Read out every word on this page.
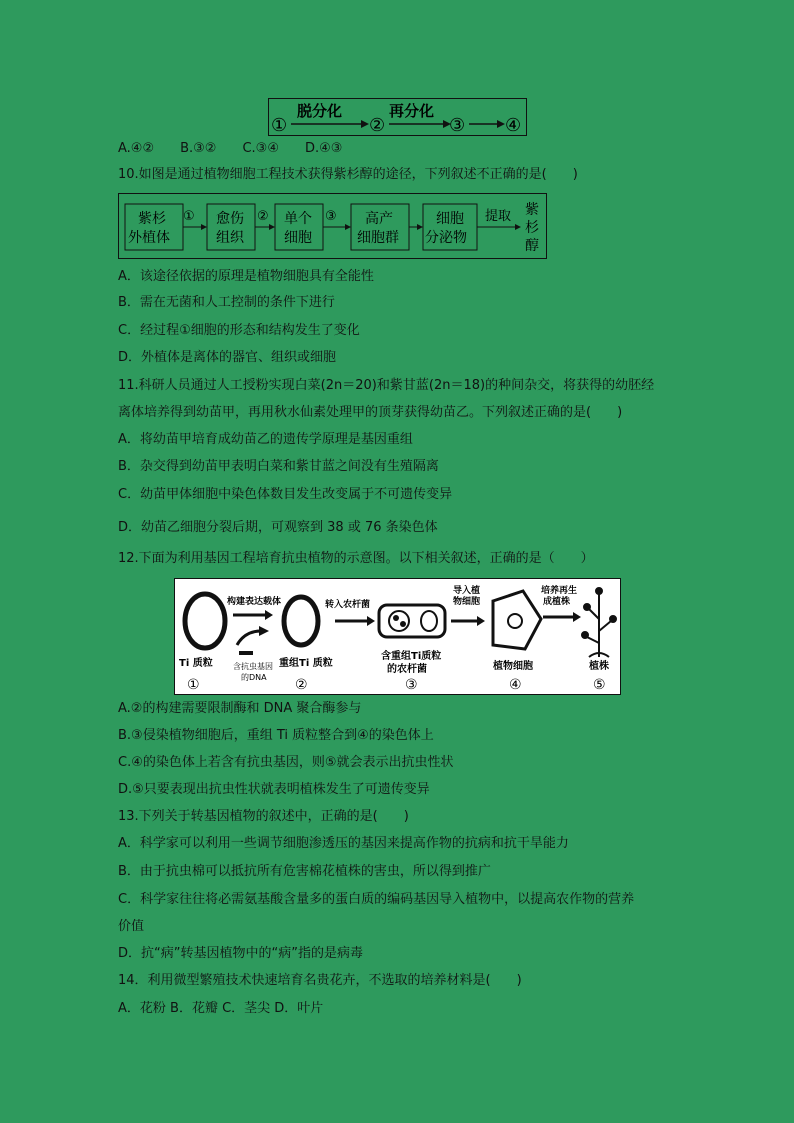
①
脱分化
②
再分化
③ ④
A.④②　　B.③②　　C.③④　　D.④③
10.如图是通过植物细胞工程技术获得紫杉醇的途径，下列叙述不正确的是(　　)
紫杉
外植体
① 愈伤
组织
② 单个
细胞
③ 高产
细胞群
细胞
分泌物
提取 紫
杉
醇
A．该途径依据的原理是植物细胞具有全能性
B．需在无菌和人工控制的条件下进行
C．经过程①细胞的形态和结构发生了变化
D．外植体是离体的器官、组织或细胞
11.科研人员通过人工授粉实现白菜(2n＝20)和紫甘蓝(2n＝18)的种间杂交，将获得的幼胚经
离体培养得到幼苗甲，再用秋水仙素处理甲的顶芽获得幼苗乙。下列叙述正确的是(　　)
A．将幼苗甲培育成幼苗乙的遗传学原理是基因重组
B．杂交得到幼苗甲表明白菜和紫甘蓝之间没有生殖隔离
C．幼苗甲体细胞中染色体数目发生改变属于不可遗传变异
D．幼苗乙细胞分裂后期，可观察到 38 或 76 条染色体
12.下面为利用基因工程培育抗虫植物的示意图。以下相关叙述，正确的是（　　）
Ti 质粒
①
含抗虫基因
的DNA
构建表达载体
重组Ti 质粒
②
转入农杆菌
含重组Ti质粒
的农杆菌
③
导入植
物细胞
植物细胞
④
培养再生
成植株
植株
⑤
A.②的构建需要限制酶和 DNA 聚合酶参与
B.③侵染植物细胞后，重组 Ti 质粒整合到④的染色体上
C.④的染色体上若含有抗虫基因，则⑤就会表示出抗虫性状
D.⑤只要表现出抗虫性状就表明植株发生了可遗传变异
13.下列关于转基因植物的叙述中，正确的是(　　)
A．科学家可以利用一些调节细胞渗透压的基因来提高作物的抗病和抗干旱能力
B．由于抗虫棉可以抵抗所有危害棉花植株的害虫，所以得到推广
C．科学家往往将必需氨基酸含量多的蛋白质的编码基因导入植物中，以提高农作物的营养
价值
D．抗“病”转基因植物中的“病”指的是病毒
14．利用微型繁殖技术快速培育名贵花卉，不选取的培养材料是(　　)
A．花粉 B．花瓣 C．茎尖 D．叶片
